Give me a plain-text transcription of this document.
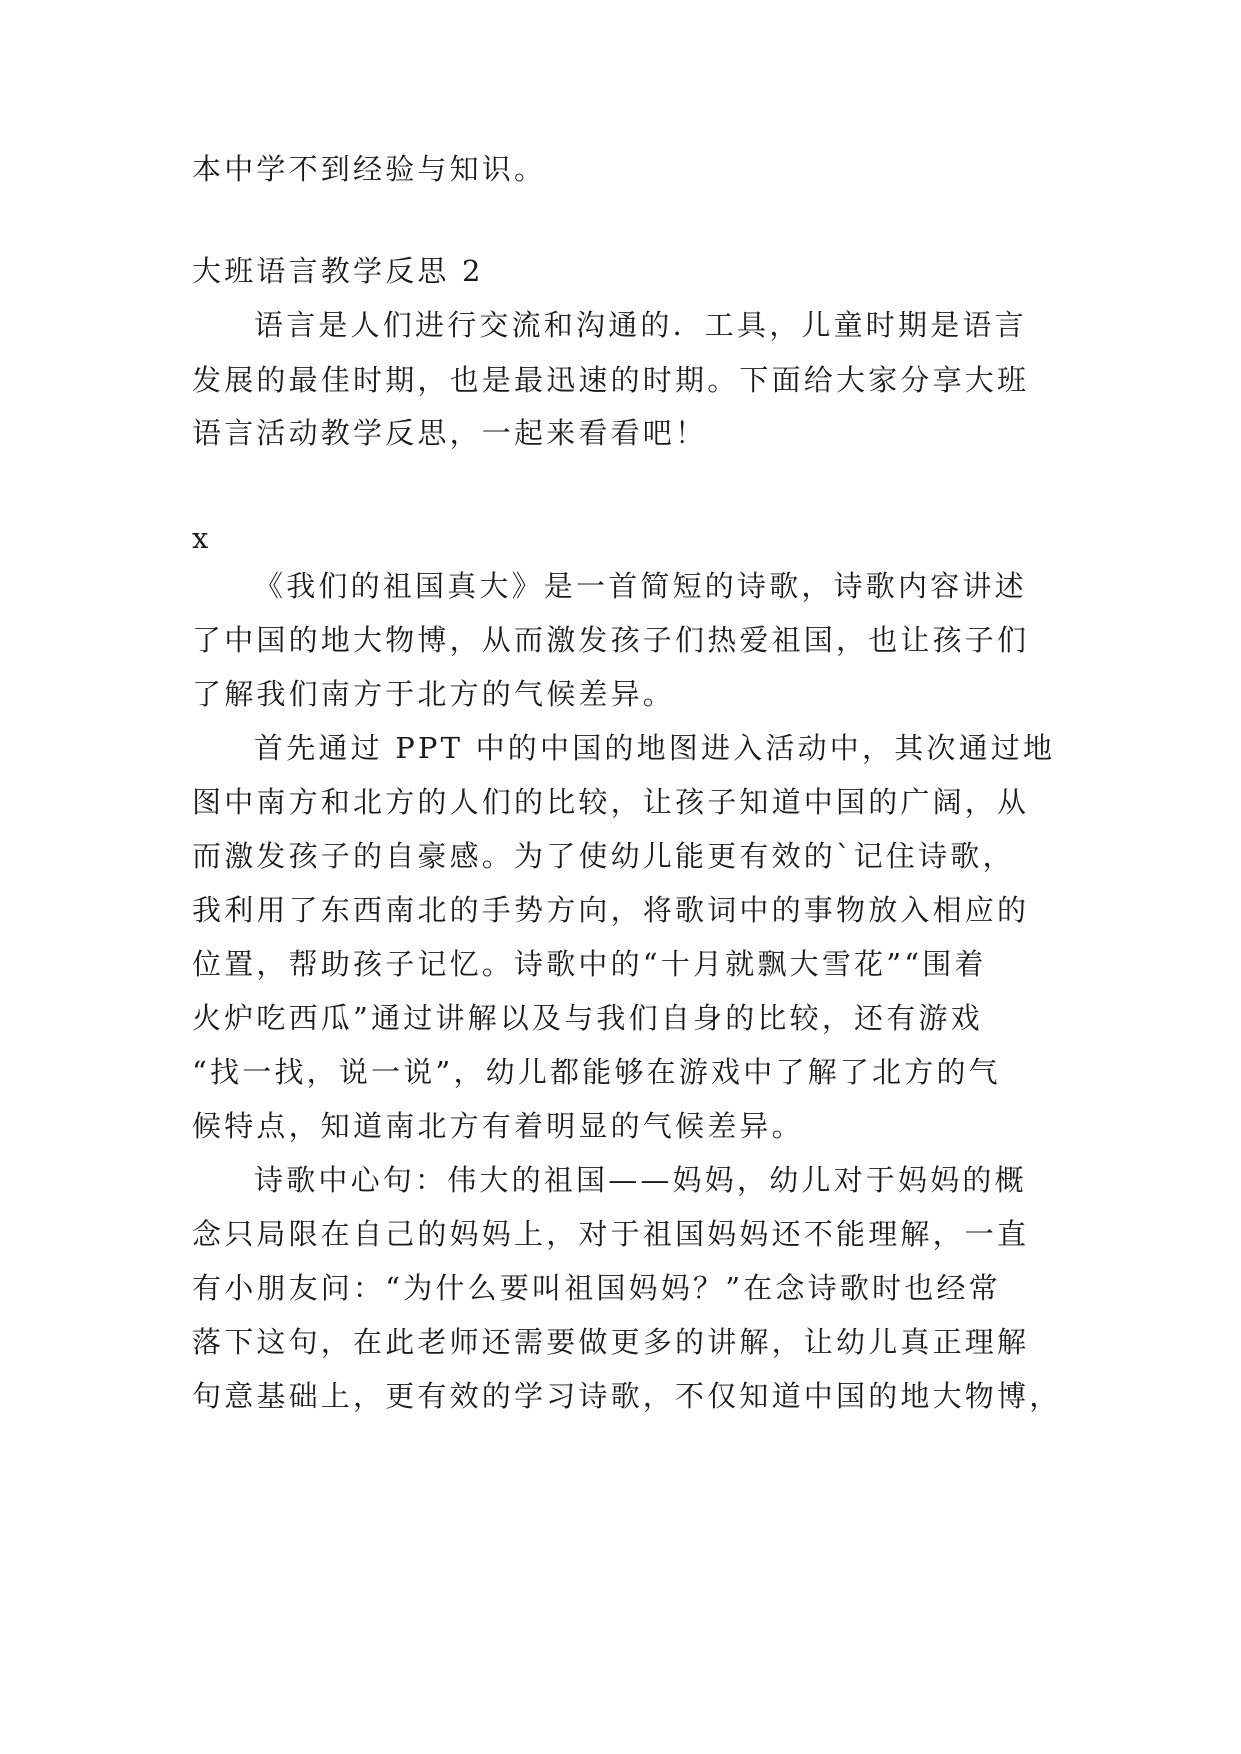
本中学不到经验与知识。
大班语言教学反思 2
语言是人们进行交流和沟通的．工具，儿童时期是语言
发展的最佳时期，也是最迅速的时期。下面给大家分享大班
语言活动教学反思，一起来看看吧！
x
《我们的祖国真大》是一首简短的诗歌，诗歌内容讲述
了中国的地大物博，从而激发孩子们热爱祖国，也让孩子们
了解我们南方于北方的气候差异。
首先通过 PPT 中的中国的地图进入活动中，其次通过地
图中南方和北方的人们的比较，让孩子知道中国的广阔，从
而激发孩子的自豪感。为了使幼儿能更有效的`记住诗歌，
我利用了东西南北的手势方向，将歌词中的事物放入相应的
位置，帮助孩子记忆。诗歌中的“十月就飘大雪花”“围着
火炉吃西瓜”通过讲解以及与我们自身的比较，还有游戏
“找一找，说一说”，幼儿都能够在游戏中了解了北方的气
候特点，知道南北方有着明显的气候差异。
诗歌中心句：伟大的祖国——妈妈，幼儿对于妈妈的概
念只局限在自己的妈妈上，对于祖国妈妈还不能理解，一直
有小朋友问：“为什么要叫祖国妈妈？”在念诗歌时也经常
落下这句，在此老师还需要做更多的讲解，让幼儿真正理解
句意基础上，更有效的学习诗歌，不仅知道中国的地大物博，
